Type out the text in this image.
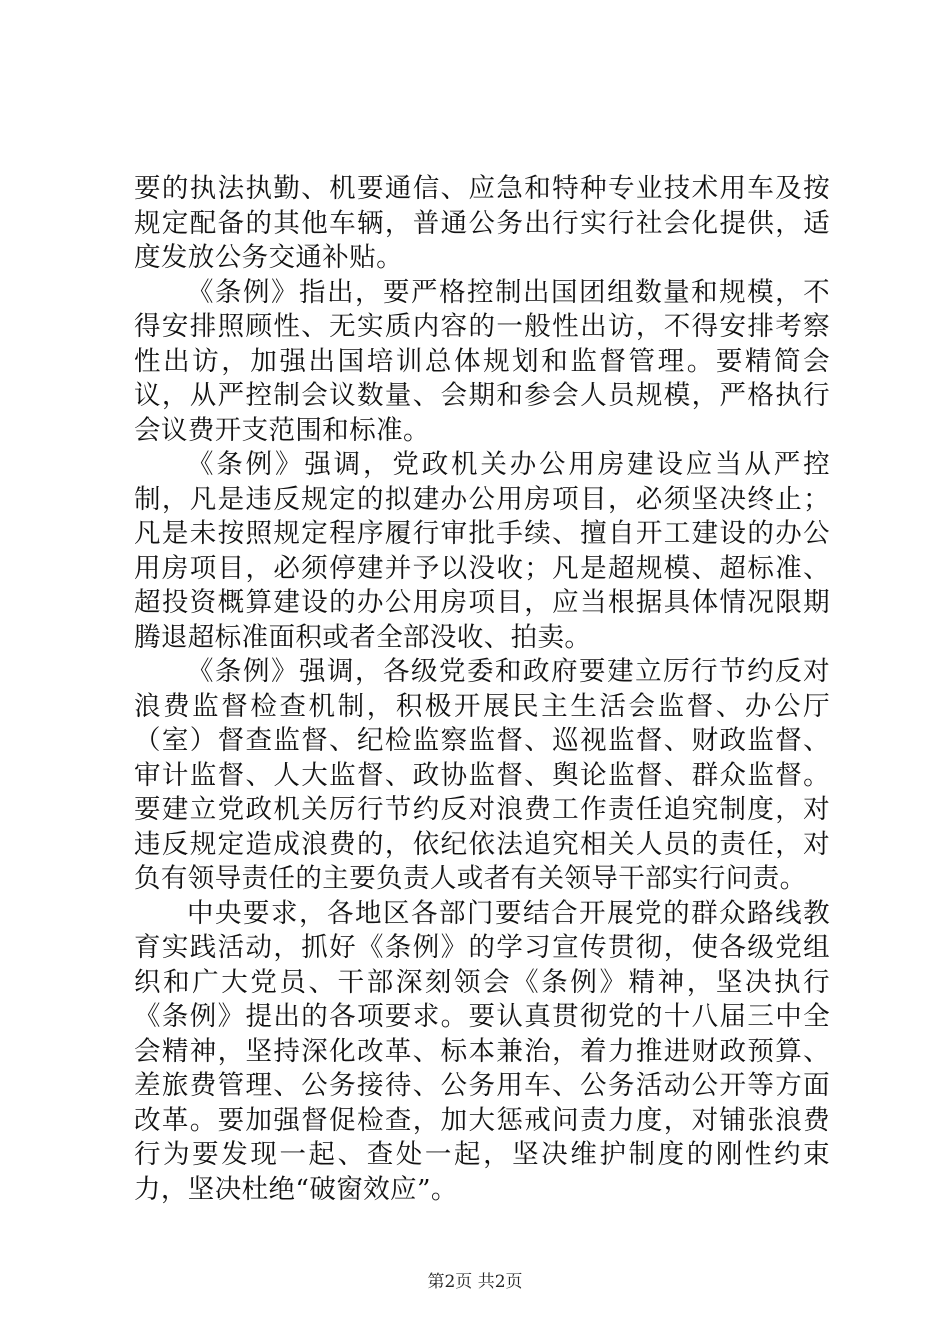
要的执法执勤、机要通信、应急和特种专业技术用车及按规定配备的其他车辆，普通公务出行实行社会化提供，适度发放公务交通补贴。

《条例》指出，要严格控制出国团组数量和规模，不得安排照顾性、无实质内容的一般性出访，不得安排考察性出访，加强出国培训总体规划和监督管理。要精简会议，从严控制会议数量、会期和参会人员规模，严格执行会议费开支范围和标准。

《条例》强调，党政机关办公用房建设应当从严控制，凡是违反规定的拟建办公用房项目，必须坚决终止；凡是未按照规定程序履行审批手续、擅自开工建设的办公用房项目，必须停建并予以没收；凡是超规模、超标准、超投资概算建设的办公用房项目，应当根据具体情况限期腾退超标准面积或者全部没收、拍卖。

《条例》强调，各级党委和政府要建立厉行节约反对浪费监督检查机制，积极开展民主生活会监督、办公厅（室）督查监督、纪检监察监督、巡视监督、财政监督、审计监督、人大监督、政协监督、舆论监督、群众监督。要建立党政机关厉行节约反对浪费工作责任追究制度，对违反规定造成浪费的，依纪依法追究相关人员的责任，对负有领导责任的主要负责人或者有关领导干部实行问责。

中央要求，各地区各部门要结合开展党的群众路线教育实践活动，抓好《条例》的学习宣传贯彻，使各级党组织和广大党员、干部深刻领会《条例》精神，坚决执行《条例》提出的各项要求。要认真贯彻党的十八届三中全会精神，坚持深化改革、标本兼治，着力推进财政预算、差旅费管理、公务接待、公务用车、公务活动公开等方面改革。要加强督促检查，加大惩戒问责力度，对铺张浪费行为要发现一起、查处一起，坚决维护制度的刚性约束力，坚决杜绝“破窗效应”。

第2页 共2页
